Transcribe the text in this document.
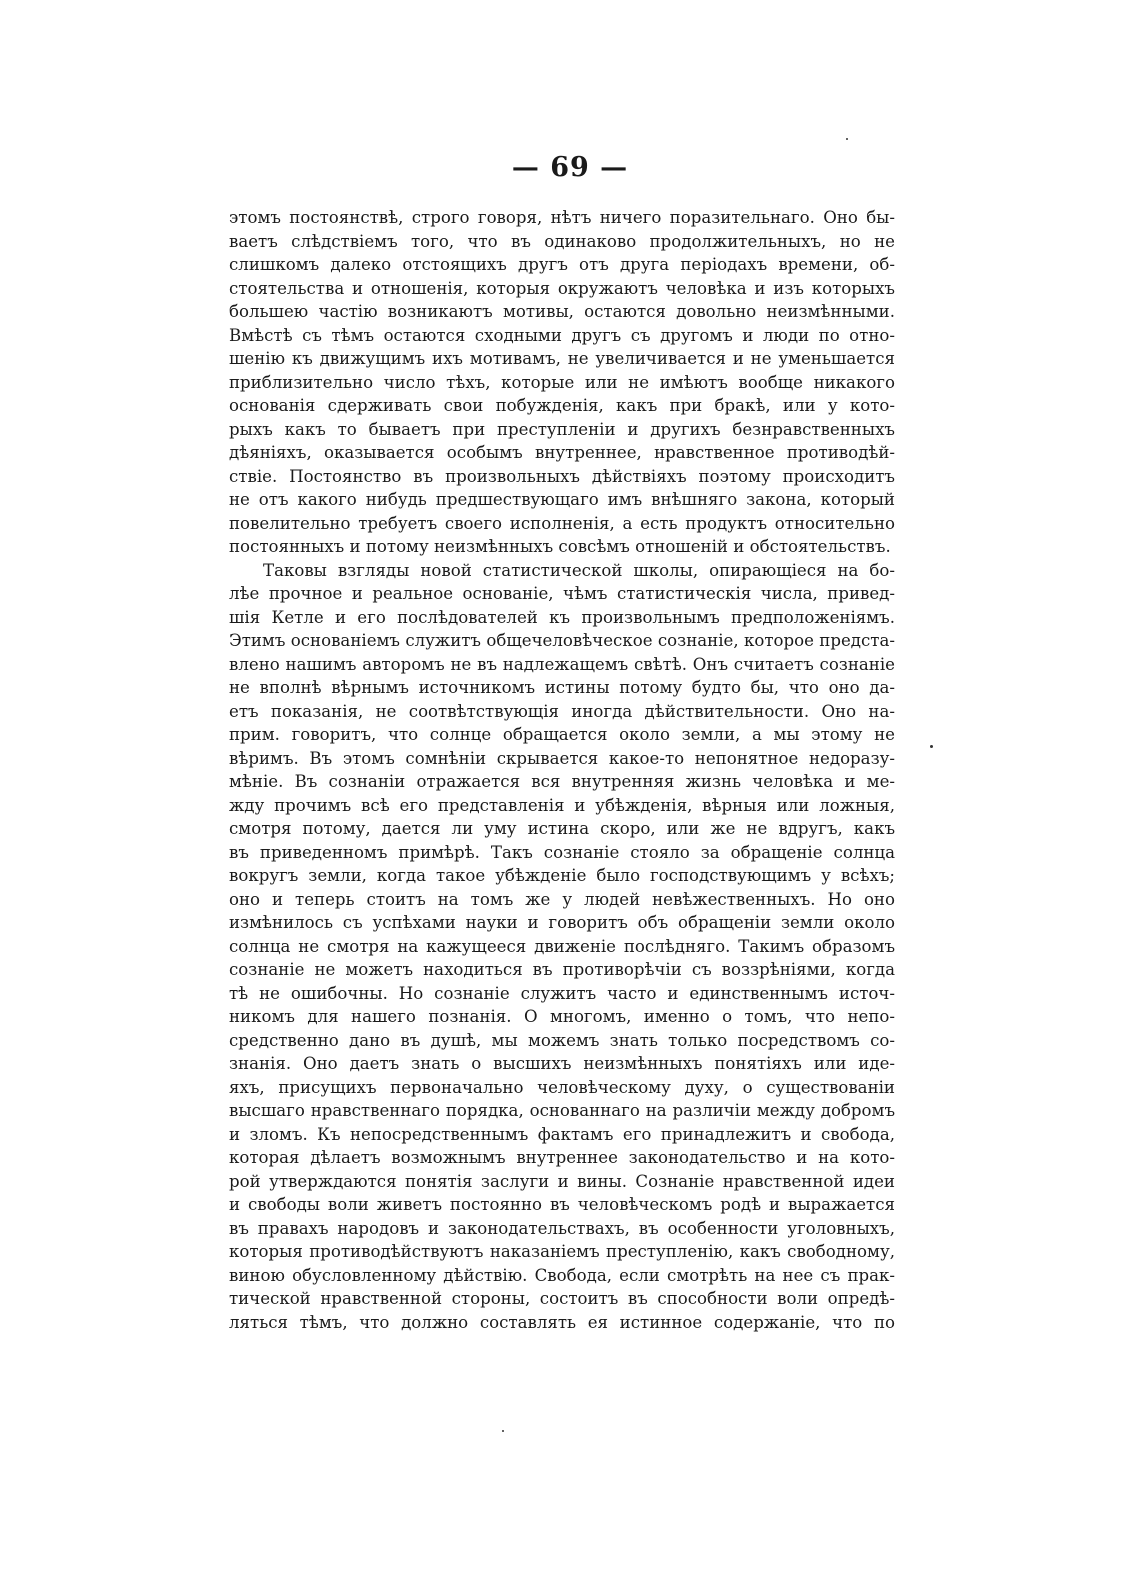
— 69 —
этомъ постоянствѣ, строго говоря, нѣтъ ничего поразительнаго. Оно бы-
ваетъ слѣдствіемъ того, что въ одинаково продолжительныхъ, но не
слишкомъ далеко отстоящихъ другъ отъ друга періодахъ времени, об-
стоятельства и отношенія, которыя окружаютъ человѣка и изъ которыхъ
большею частію возникаютъ мотивы, остаются довольно неизмѣнными.
Вмѣстѣ съ тѣмъ остаются сходными другъ съ другомъ и люди по отно-
шенію къ движущимъ ихъ мотивамъ, не увеличивается и не уменьшается
приблизительно число тѣхъ, которые или не имѣютъ вообще никакого
основанія сдерживать свои побужденія, какъ при бракѣ, или у кото-
рыхъ какъ то бываетъ при преступленіи и другихъ безнравственныхъ
дѣяніяхъ, оказывается особымъ внутреннее, нравственное противодѣй-
ствіе. Постоянство въ произвольныхъ дѣйствіяхъ поэтому происходитъ
не отъ какого нибудь предшествующаго имъ внѣшняго закона, который
повелительно требуетъ своего исполненія, а есть продуктъ относительно
постоянныхъ и потому неизмѣнныхъ совсѣмъ отношеній и обстоятельствъ.
Таковы взгляды новой статистической школы, опирающіеся на бо-
лѣе прочное и реальное основаніе, чѣмъ статистическія числа, привед-
шія Кетле и его послѣдователей къ произвольнымъ предположеніямъ.
Этимъ основаніемъ служитъ общечеловѣческое сознаніе, которое предста-
влено нашимъ авторомъ не въ надлежащемъ свѣтѣ. Онъ считаетъ сознаніе
не вполнѣ вѣрнымъ источникомъ истины потому будто бы, что оно да-
етъ показанія, не соотвѣтствующія иногда дѣйствительности. Оно на-
прим. говоритъ, что солнце обращается около земли, а мы этому не
вѣримъ. Въ этомъ сомнѣніи скрывается какое-то непонятное недоразу-
мѣніе. Въ сознаніи отражается вся внутренняя жизнь человѣка и ме-
жду прочимъ всѣ его представленія и убѣжденія, вѣрныя или ложныя,
смотря потому, дается ли уму истина скоро, или же не вдругъ, какъ
въ приведенномъ примѣрѣ. Такъ сознаніе стояло за обращеніе солнца
вокругъ земли, когда такое убѣжденіе было господствующимъ у всѣхъ;
оно и теперь стоитъ на томъ же у людей невѣжественныхъ. Но оно
измѣнилось съ успѣхами науки и говоритъ объ обращеніи земли около
солнца не смотря на кажущееся движеніе послѣдняго. Такимъ образомъ
сознаніе не можетъ находиться въ противорѣчіи съ воззрѣніями, когда
тѣ не ошибочны. Но сознаніе служитъ часто и единственнымъ источ-
никомъ для нашего познанія. О многомъ, именно о томъ, что непо-
средственно дано въ душѣ, мы можемъ знать только посредствомъ со-
знанія. Оно даетъ знать о высшихъ неизмѣнныхъ понятіяхъ или иде-
яхъ, присущихъ первоначально человѣческому духу, о существованіи
высшаго нравственнаго порядка, основаннаго на различіи между добромъ
и зломъ. Къ непосредственнымъ фактамъ его принадлежитъ и свобода,
которая дѣлаетъ возможнымъ внутреннее законодательство и на кото-
рой утверждаются понятія заслуги и вины. Сознаніе нравственной идеи
и свободы воли живетъ постоянно въ человѣческомъ родѣ и выражается
въ правахъ народовъ и законодательствахъ, въ особенности уголовныхъ,
которыя противодѣйствуютъ наказаніемъ преступленію, какъ свободному,
виною обусловленному дѣйствію. Свобода, если смотрѣть на нее съ прак-
тической нравственной стороны, состоитъ въ способности воли опредѣ-
ляться тѣмъ, что должно составлять ея истинное содержаніе, что по
